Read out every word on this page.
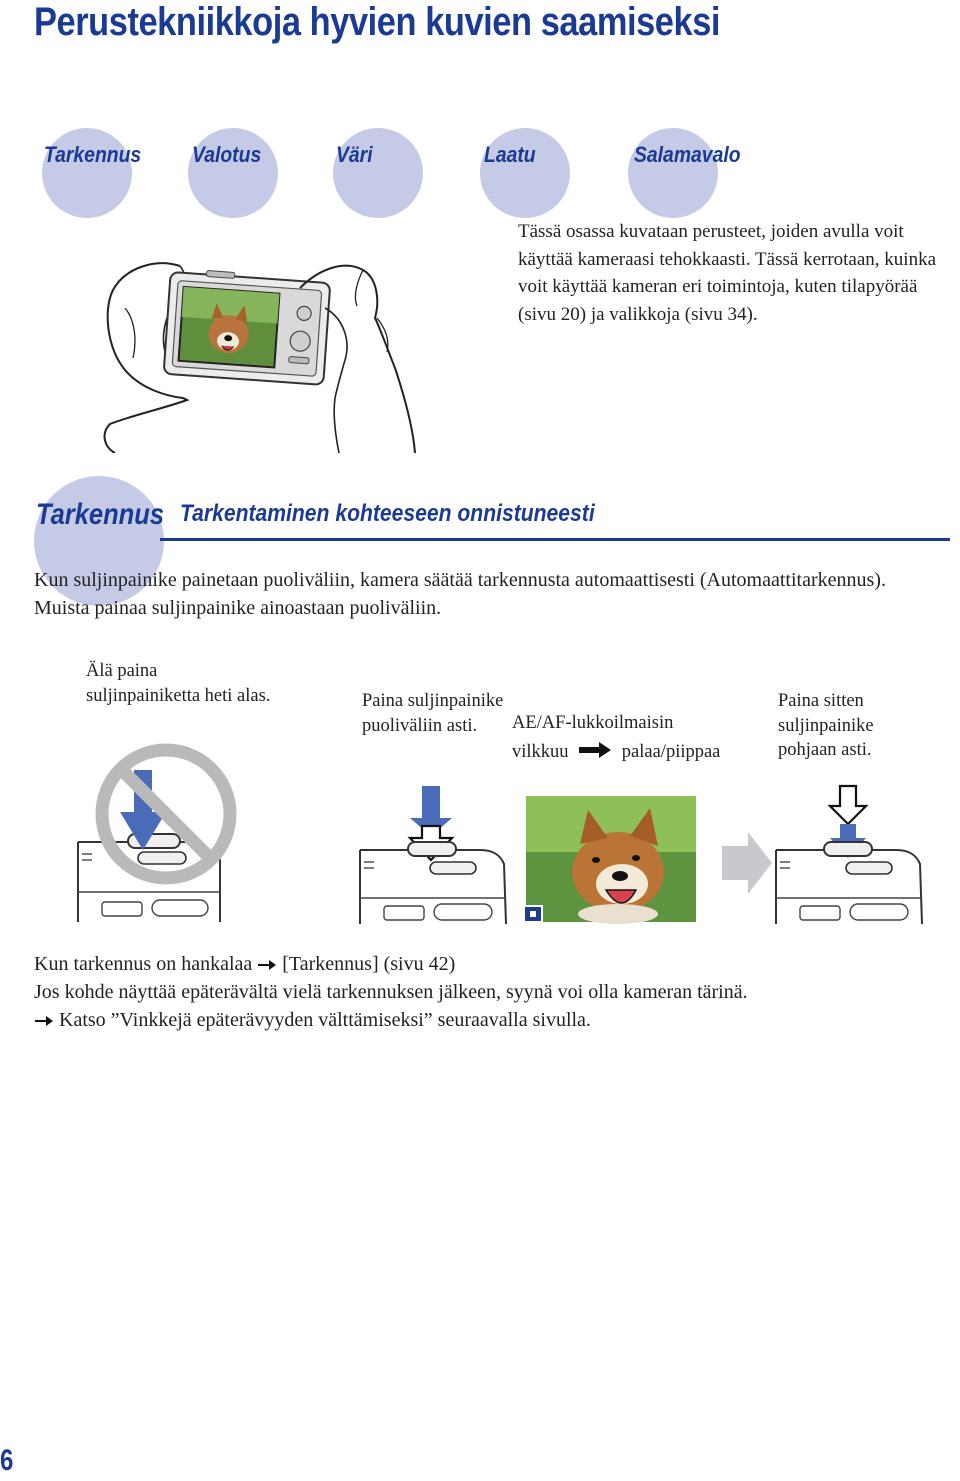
Perustekniikkoja hyvien kuvien saamiseksi
Tarkennus Valotus	Väri	Laatu	Salamavalo
Tässä osassa kuvataan perusteet, joiden avulla voit käyttää kameraasi tehokkaasti. Tässä kerrotaan, kuinka voit käyttää kameran eri toimintoja, kuten tilapyörää (sivu 20) ja valikkoja (sivu 34).
Tarkennus Tarkentaminen kohteeseen onnistuneesti
Kun suljinpainike painetaan puoliväliin, kamera säätää tarkennusta automaattisesti (Automaattitarkennus). Muista painaa suljinpainike ainoastaan puoliväliin.
Älä paina suljinpainiketta heti alas.	Paina suljinpainike puoliväliin asti.	AE/AF-lukkoilmaisin
vilkkuu	palaa/piippaa
Paina sitten suljinpainike pohjaan asti.
Kun tarkennus on hankalaa [Tarkennus] (sivu 42)
Jos kohde näyttää epäterävältä vielä tarkennuksen jälkeen, syynä voi olla kameran tärinä.
Katso ”Vinkkejä epäterävyyden välttämiseksi” seuraavalla sivulla.
6
